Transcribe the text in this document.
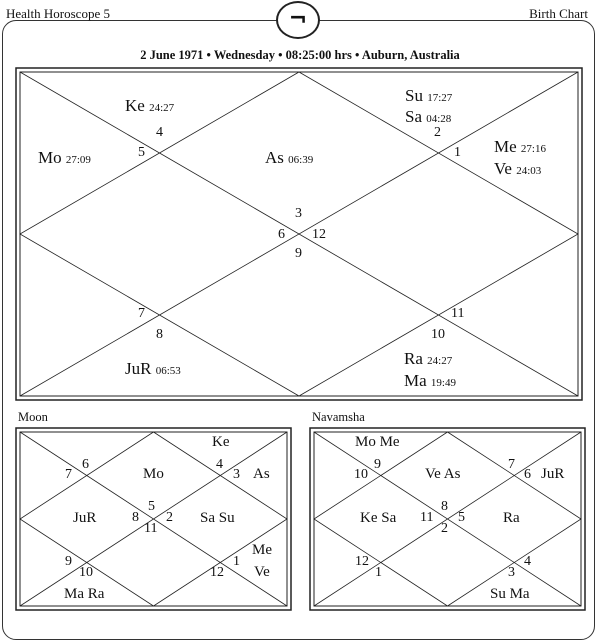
Health Horoscope 5	Birth Chart
¬
2 June 1971 • Wednesday • 08:25:00 hrs • Auburn, Australia
1
2
3
4
5
6
7
8
9
10
11
12
Ke 24:27
Mo 27:09	As 06:39
Su 17:27
Sa 04:28
Me 27:16
Ve 24:03
JuR 06:53
Ra 24:27
Ma 19:49
Moon
1
2
3
4
5
6
7
8
9
10
11
12
Ke
Mo	As
JuR	Sa Su
Me
Ve
Ma Ra
Navamsha
1
2
3
4
5
6
7
8
9
10
11
12
Mo Me
Ve As	JuR
Ke Sa	Ra
Su Ma
